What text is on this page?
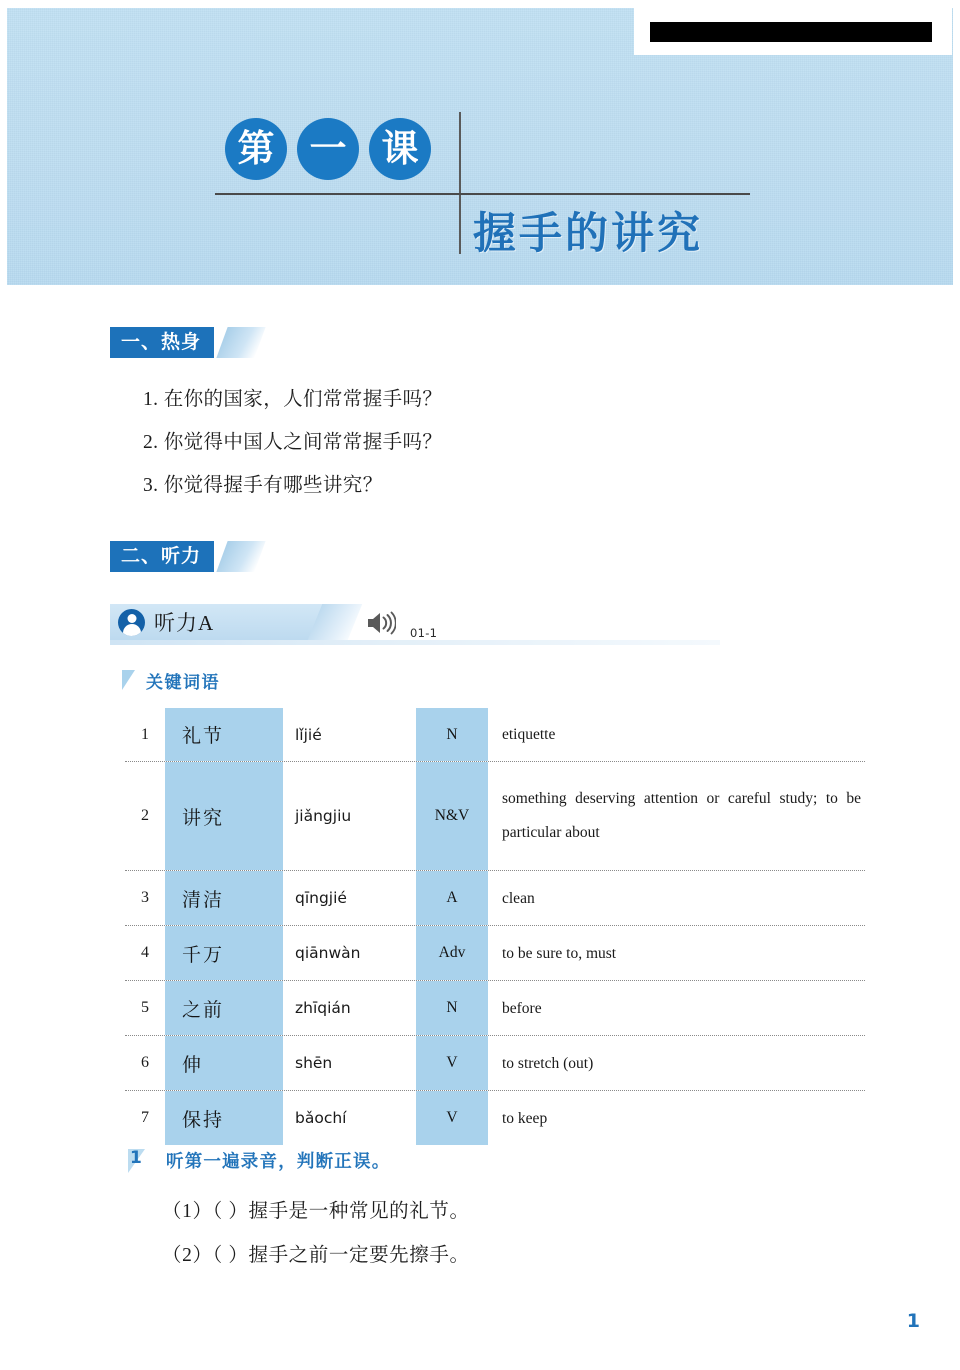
第 一 课
握手的讲究
一、热身
1. 在你的国家，人们常常握手吗？
2. 你觉得中国人之间常常握手吗？
3. 你觉得握手有哪些讲究？
二、听力
听力A	01-1
关键词语
1	礼节	lǐjié	N	etiquette
2	讲究	jiǎngjiu	N&V
something deserving attention or careful study; to be particular about
3	清洁	qīngjié	A	clean
4	千万	qiānwàn	Adv	to be sure to, must
5	之前	zhīqián	N	before
6	伸	shēn	V	to stretch (out)
7	保持	bǎochí	V	to keep
1 听第一遍录音，判断正误。
（1）（ ）握手是一种常见的礼节。
（2）（ ）握手之前一定要先擦手。
1
